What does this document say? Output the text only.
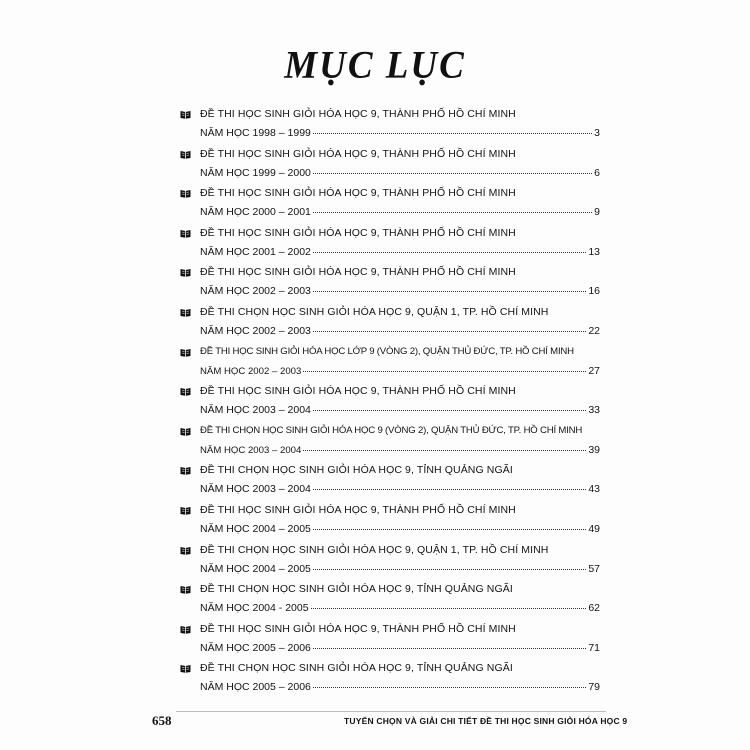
MỤC LỤC
ĐỀ THI HỌC SINH GIỎI HÓA HỌC 9, THÀNH PHỐ HỒ CHÍ MINH
NĂM HỌC 1998 – 1999	3
ĐỀ THI HỌC SINH GIỎI HÓA HỌC 9, THÀNH PHỐ HỒ CHÍ MINH
NĂM HỌC 1999 – 2000	6
ĐỀ THI HỌC SINH GIỎI HÓA HỌC 9, THÀNH PHỐ HỒ CHÍ MINH
NĂM HỌC 2000 – 2001	9
ĐỀ THI HỌC SINH GIỎI HÓA HỌC 9, THÀNH PHỐ HỒ CHÍ MINH
NĂM HỌC 2001 – 2002	13
ĐỀ THI HỌC SINH GIỎI HÓA HỌC 9, THÀNH PHỐ HỒ CHÍ MINH
NĂM HỌC 2002 – 2003	16
ĐỀ THI CHỌN HỌC SINH GIỎI HÓA HỌC 9, QUẬN 1, TP. HỒ CHÍ MINH
NĂM HỌC 2002 – 2003	22
ĐỀ THI HỌC SINH GIỎI HÓA HỌC LỚP 9 (VÒNG 2), QUẬN THỦ ĐỨC, TP. HỒ CHÍ MINH
NĂM HỌC 2002 – 2003	27
ĐỀ THI HỌC SINH GIỎI HÓA HỌC 9, THÀNH PHỐ HỒ CHÍ MINH
NĂM HỌC 2003 – 2004	33
ĐỀ THI CHỌN HỌC SINH GIỎI HÓA HỌC 9 (VÒNG 2), QUẬN THỦ ĐỨC, TP. HỒ CHÍ MINH
NĂM HỌC 2003 – 2004	39
ĐỀ THI CHỌN HỌC SINH GIỎI HÓA HỌC 9, TỈNH QUẢNG NGÃI
NĂM HỌC 2003 – 2004	43
ĐỀ THI HỌC SINH GIỎI HÓA HỌC 9, THÀNH PHỐ HỒ CHÍ MINH
NĂM HỌC 2004 – 2005	49
ĐỀ THI CHỌN HỌC SINH GIỎI HÓA HỌC 9, QUẬN 1, TP. HỒ CHÍ MINH
NĂM HỌC 2004 – 2005	57
ĐỀ THI CHỌN HỌC SINH GIỎI HÓA HỌC 9, TỈNH QUẢNG NGÃI
NĂM HỌC 2004 - 2005	62
ĐỀ THI HỌC SINH GIỎI HÓA HỌC 9, THÀNH PHỐ HỒ CHÍ MINH
NĂM HỌC 2005 – 2006	71
ĐỀ THI CHỌN HỌC SINH GIỎI HÓA HỌC 9, TỈNH QUẢNG NGÃI
NĂM HỌC 2005 – 2006	79
658	TUYỂN CHỌN VÀ GIẢI CHI TIẾT ĐỀ THI HỌC SINH GIỎI HÓA HỌC 9
